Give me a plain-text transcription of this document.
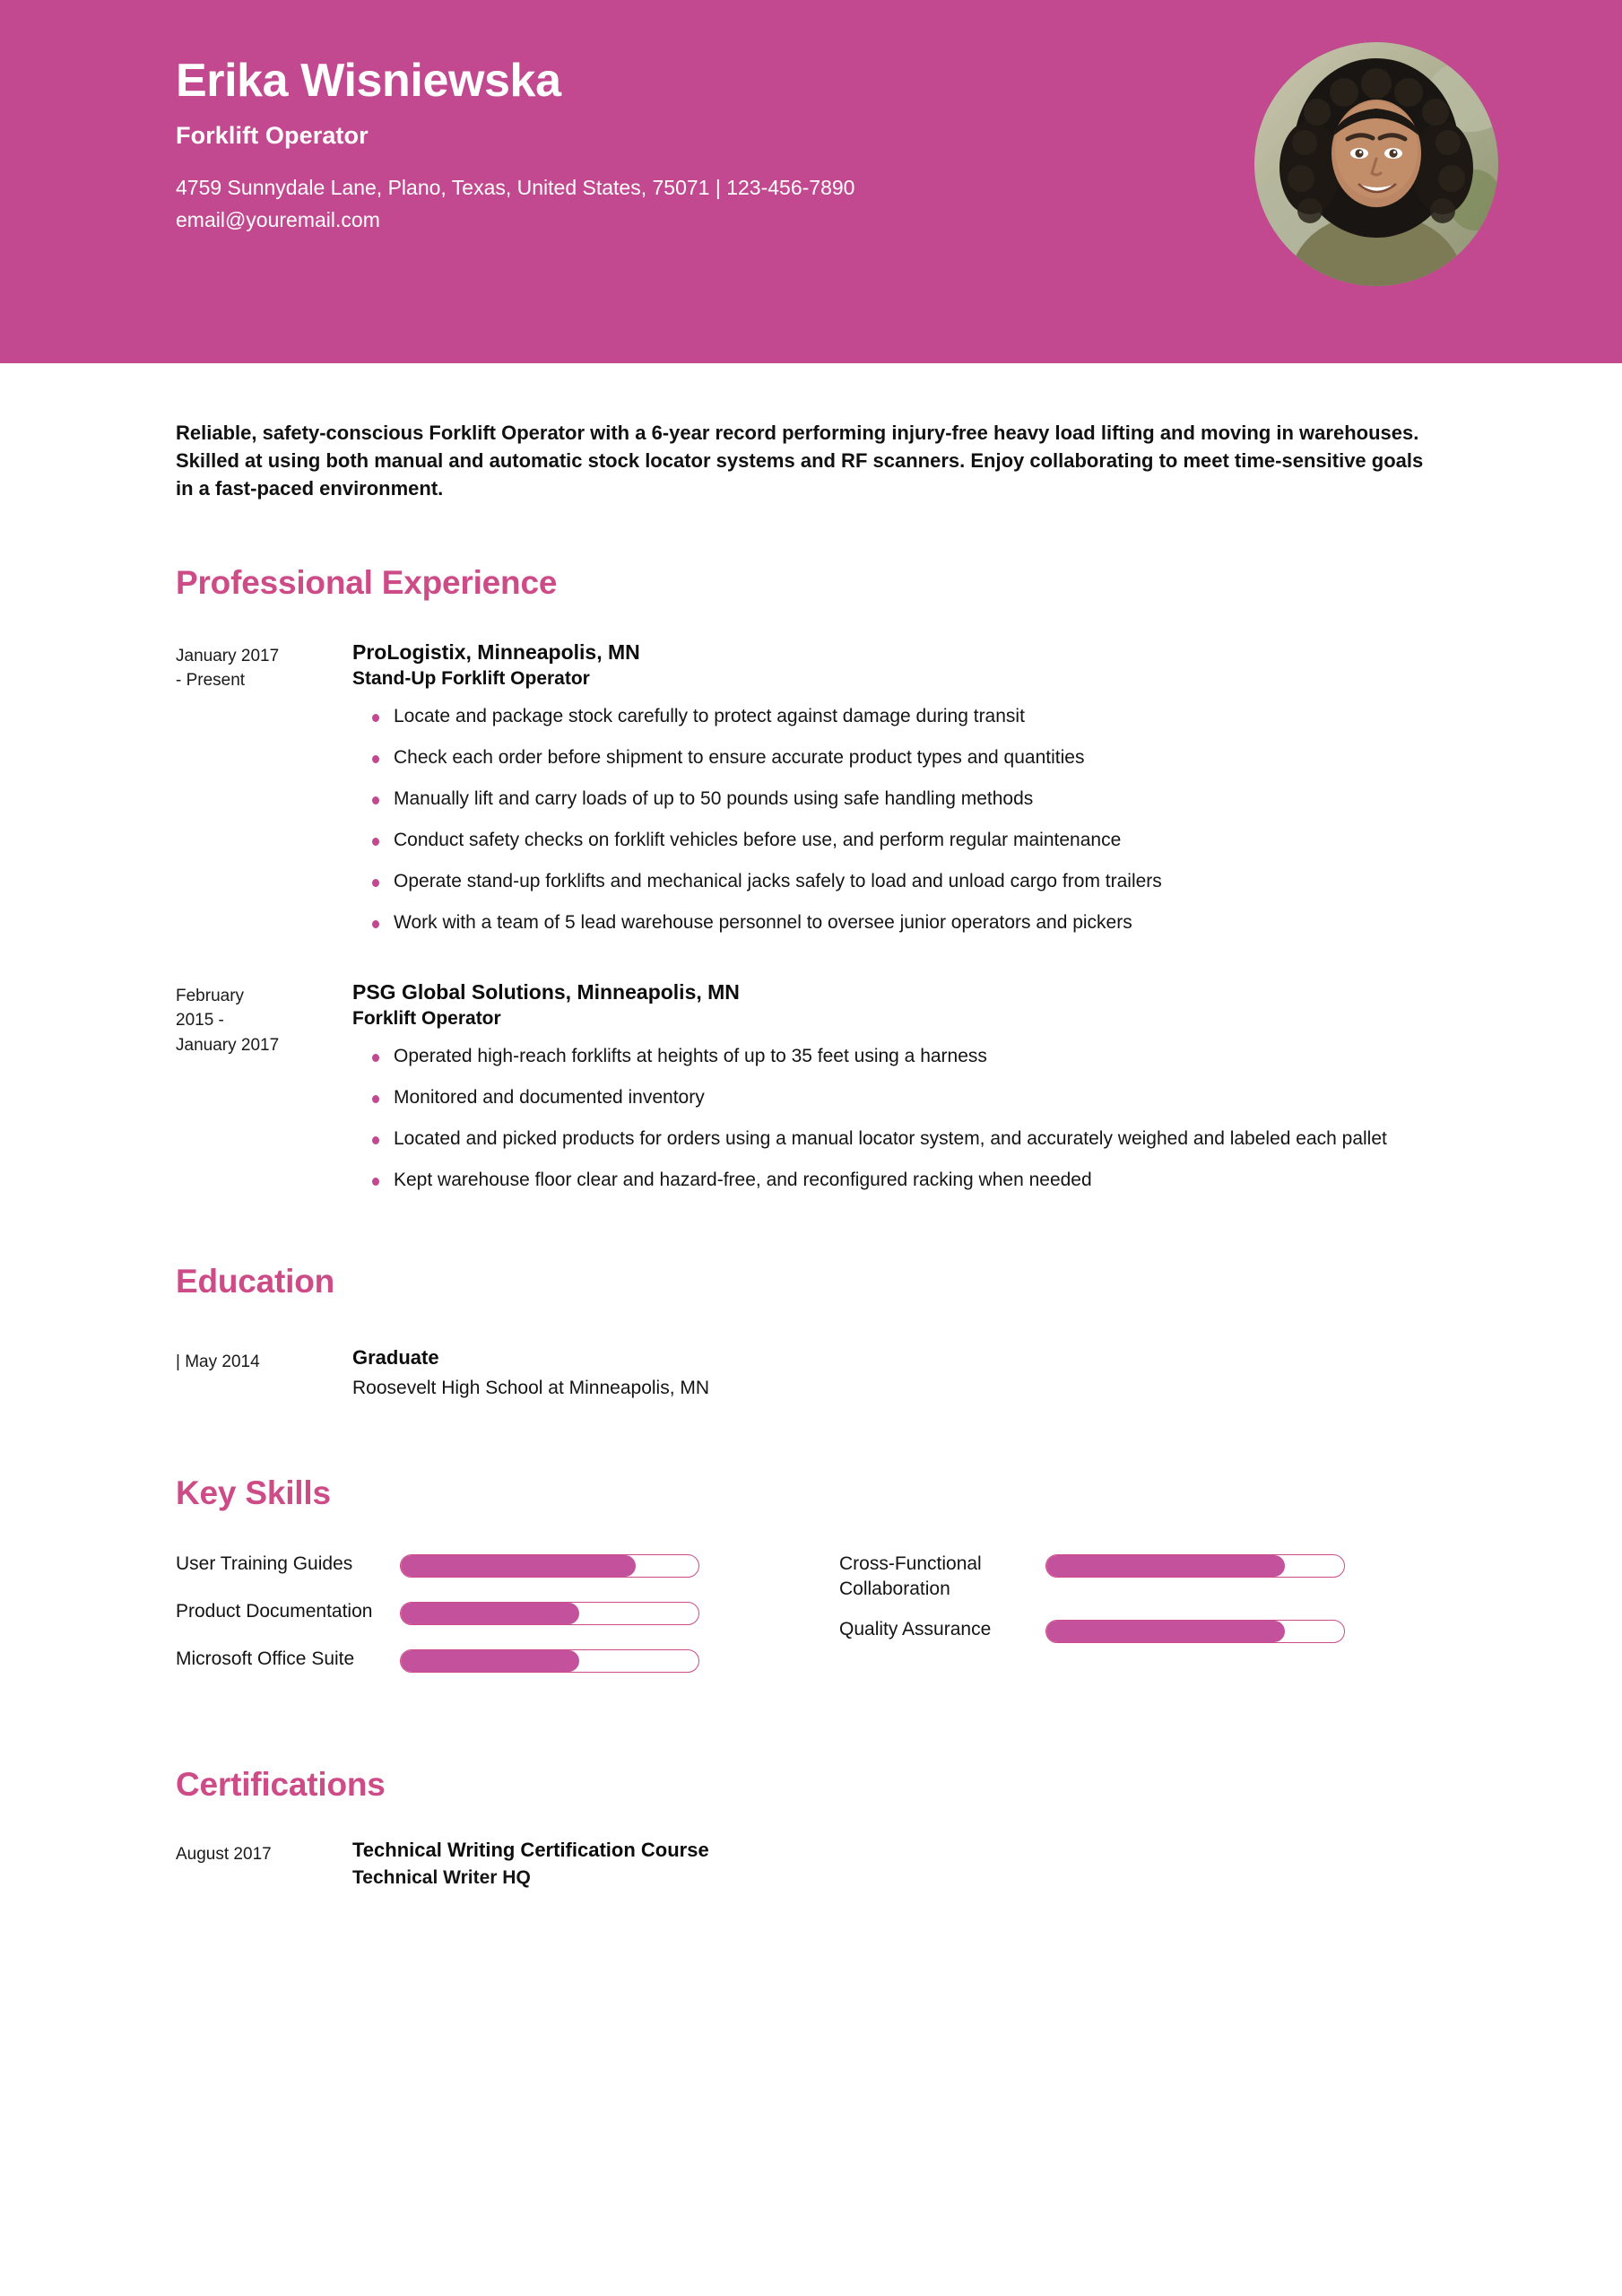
Erika Wisniewska
Forklift Operator
4759 Sunnydale Lane, Plano, Texas, United States, 75071 | 123-456-7890
email@youremail.com

Reliable, safety-conscious Forklift Operator with a 6-year record performing injury-free heavy load lifting and moving in warehouses. Skilled at using both manual and automatic stock locator systems and RF scanners. Enjoy collaborating to meet time-sensitive goals in a fast-paced environment.

Professional Experience
January 2017
- Present
ProLogistix, Minneapolis, MN
Stand-Up Forklift Operator
Locate and package stock carefully to protect against damage during transit
Check each order before shipment to ensure accurate product types and quantities
Manually lift and carry loads of up to 50 pounds using safe handling methods
Conduct safety checks on forklift vehicles before use, and perform regular maintenance
Operate stand-up forklifts and mechanical jacks safely to load and unload cargo from trailers
Work with a team of 5 lead warehouse personnel to oversee junior operators and pickers
February
2015 -
January 2017
PSG Global Solutions, Minneapolis, MN
Forklift Operator
Operated high-reach forklifts at heights of up to 35 feet using a harness
Monitored and documented inventory
Located and picked products for orders using a manual locator system, and accurately weighed and labeled each pallet
Kept warehouse floor clear and hazard-free, and reconfigured racking when needed
Education
| May 2014	Graduate
Roosevelt High School at Minneapolis, MN
Key Skills
User Training Guides
Product Documentation
Microsoft Office Suite
Cross-Functional Collaboration
Quality Assurance
Certifications
August 2017	Technical Writing Certification Course
Technical Writer HQ
